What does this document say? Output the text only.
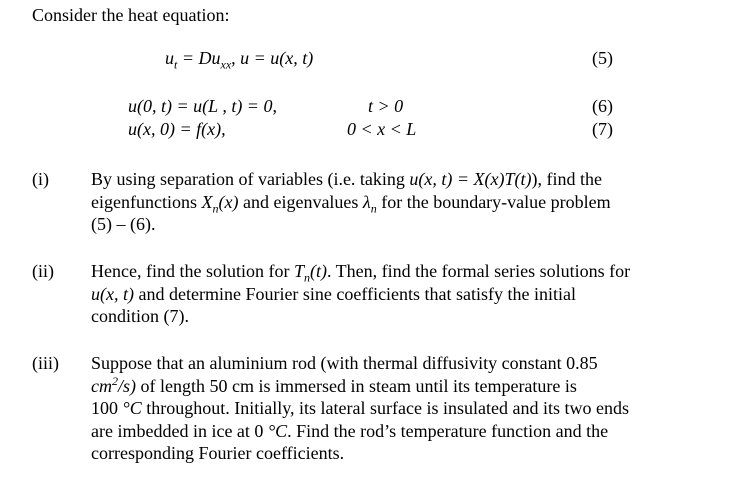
Consider the heat equation:
$u_t = Du_{xx}$, u = u(x, t)	(5)
u(0, t) = u(L , t) = 0,	t > 0	(6)
u(x, 0) = f(x),	0 < x < L	(7)
(i) By using separation of variables (i.e. taking u(x, t) = X(x)T(t)), find the
eigenfunctions $X_n(x)$ and eigenvalues $\lambda_n$ for the boundary-value problem
(5) – (6).
(ii) Hence, find the solution for $T_n(t)$. Then, find the formal series solutions for
u(x, t) and determine Fourier sine coefficients that satisfy the initial
condition (7).
(iii) Suppose that an aluminium rod (with thermal diffusivity constant 0.85
$cm^2/s$) of length 50 cm is immersed in steam until its temperature is
100 °C throughout. Initially, its lateral surface is insulated and its two ends
are imbedded in ice at 0 °C. Find the rod’s temperature function and the
corresponding Fourier coefficients.
